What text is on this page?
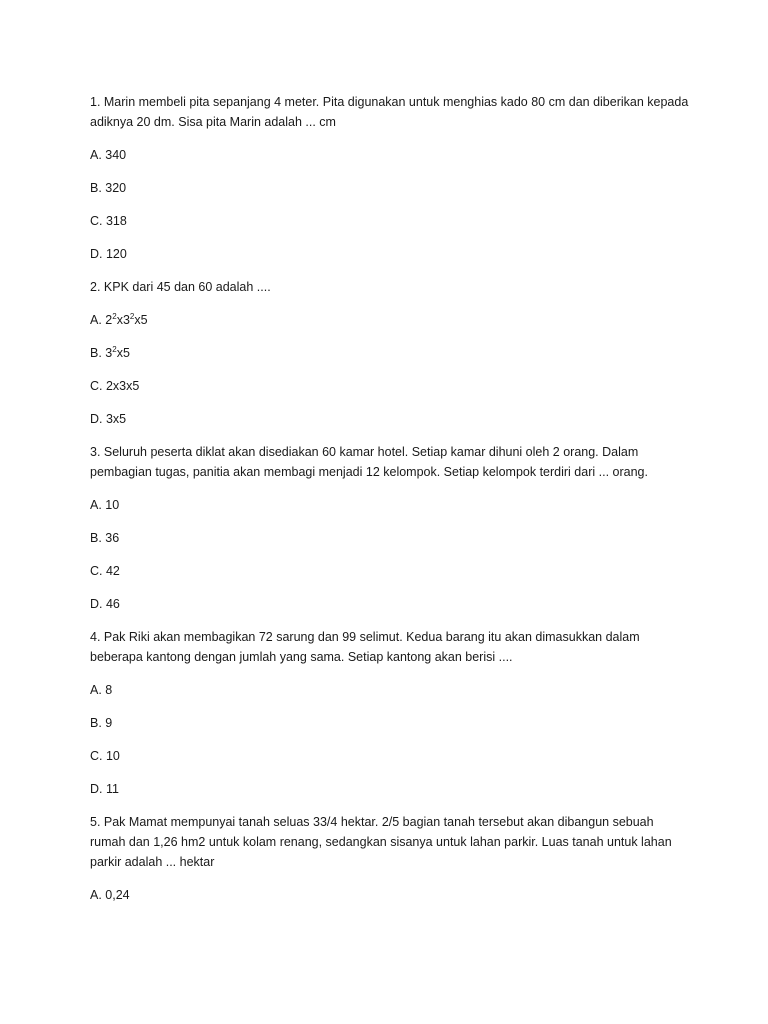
1. Marin membeli pita sepanjang 4 meter. Pita digunakan untuk menghias kado 80 cm dan diberikan kepada adiknya 20 dm. Sisa pita Marin adalah ... cm
A. 340
B. 320
C. 318
D. 120
2. KPK dari 45 dan 60 adalah ....
A. $2^2x3^2x5$
B. $3^2x5$
C. 2x3x5
D. 3x5
3. Seluruh peserta diklat akan disediakan 60 kamar hotel. Setiap kamar dihuni oleh 2 orang. Dalam pembagian tugas, panitia akan membagi menjadi 12 kelompok. Setiap kelompok terdiri dari ... orang.
A. 10
B. 36
C. 42
D. 46
4. Pak Riki akan membagikan 72 sarung dan 99 selimut. Kedua barang itu akan dimasukkan dalam beberapa kantong dengan jumlah yang sama. Setiap kantong akan berisi ....
A. 8
B. 9
C. 10
D. 11
5. Pak Mamat mempunyai tanah seluas 33/4 hektar. 2/5 bagian tanah tersebut akan dibangun sebuah rumah dan 1,26 hm2 untuk kolam renang, sedangkan sisanya untuk lahan parkir. Luas tanah untuk lahan parkir adalah ... hektar
A. 0,24
